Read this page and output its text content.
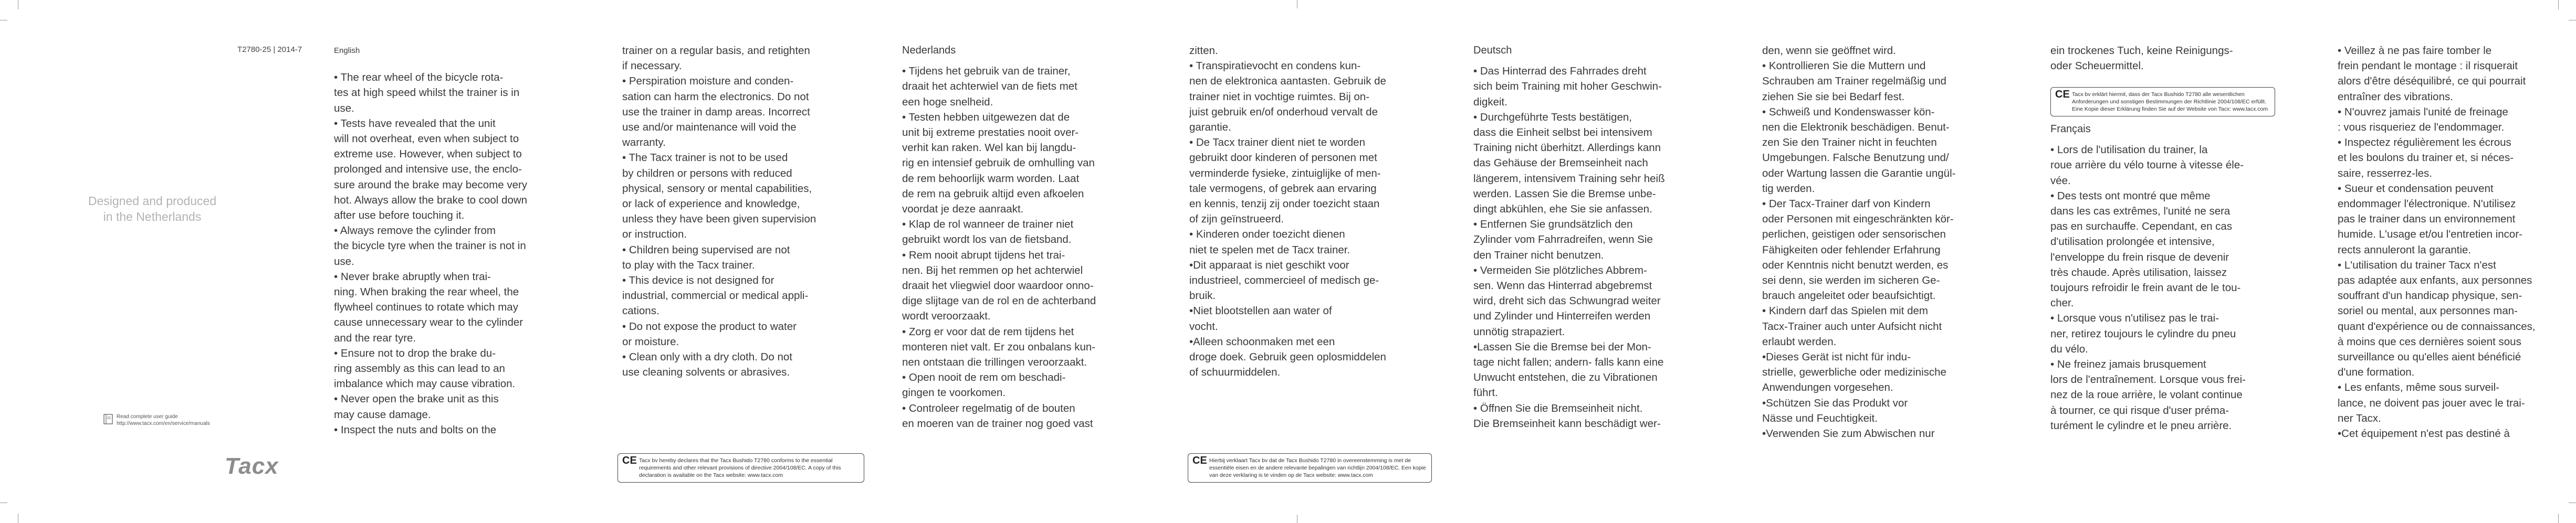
T2780-25 | 2014-7
Designed and produced
in the Netherlands
Read complete user guide
http://www.tacx.com/en/service/manuals
Tacx

English

• The rear wheel of the bicycle rota-

tes at high speed whilst the trainer is in

use.

• Tests have revealed that the unit

will not overheat, even when subject to

extreme use. However, when subject to

prolonged and intensive use, the enclo-

sure around the brake may become very

hot. Always allow the brake to cool down

after use before touching it.

• Always remove the cylinder from

the bicycle tyre when the trainer is not in

use.

• Never brake abruptly when trai-

ning. When braking the rear wheel, the

flywheel continues to rotate which may

cause unnecessary wear to the cylinder

and the rear tyre.

• Ensure not to drop the brake du-

ring assembly as this can lead to an

imbalance which may cause vibration.

• Never open the brake unit as this

may cause damage.

• Inspect the nuts and bolts on the

trainer on a regular basis, and retighten

if necessary.

• Perspiration moisture and conden-

sation can harm the electronics. Do not

use the trainer in damp areas. Incorrect

use and/or maintenance will void the

warranty.

• The Tacx trainer is not to be used

by children or persons with reduced

physical, sensory or mental capabilities,

or lack of experience and knowledge,

unless they have been given supervision

or instruction.

• Children being supervised are not

to play with the Tacx trainer.

• This device is not designed for

industrial, commercial or medical appli-

cations.

• Do not expose the product to water

or moisture.

• Clean only with a dry cloth. Do not

use cleaning solvents or abrasives.

CE Tacx bv hereby declares that the Tacx Bushido T2780 conforms to the essential requirements and other relevant provisions of directive 2004/108/EC. A copy of this declaration is available on the Tacx website: www.tacx.com

Nederlands

• Tijdens het gebruik van de trainer,

draait het achterwiel van de fiets met

een hoge snelheid.

• Testen hebben uitgewezen dat de

unit bij extreme prestaties nooit over-

verhit kan raken. Wel kan bij langdu-

rig en intensief gebruik de omhulling van

de rem behoorlijk warm worden. Laat

de rem na gebruik altijd even afkoelen

voordat je deze aanraakt.

• Klap de rol wanneer de trainer niet

gebruikt wordt los van de fietsband.

• Rem nooit abrupt tijdens het trai-

nen. Bij het remmen op het achterwiel

draait het vliegwiel door waardoor onno-

dige slijtage van de rol en de achterband

wordt veroorzaakt.

• Zorg er voor dat de rem tijdens het

monteren niet valt. Er zou onbalans kun-

nen ontstaan die trillingen veroorzaakt.

• Open nooit de rem om beschadi-

gingen te voorkomen.

• Controleer regelmatig of de bouten

en moeren van de trainer nog goed vast

zitten.

• Transpiratievocht en condens kun-

nen de elektronica aantasten. Gebruik de

trainer niet in vochtige ruimtes. Bij on-

juist gebruik en/of onderhoud vervalt de

garantie.

• De Tacx trainer dient niet te worden

gebruikt door kinderen of personen met

verminderde fysieke, zintuiglijke of men-

tale vermogens, of gebrek aan ervaring

en kennis, tenzij zij onder toezicht staan

of zijn geïnstrueerd.

• Kinderen onder toezicht dienen

niet te spelen met de Tacx trainer.

•Dit apparaat is niet geschikt voor

industrieel, commercieel of medisch ge-

bruik.

•Niet blootstellen aan water of

vocht.

•Alleen schoonmaken met een

droge doek. Gebruik geen oplosmiddelen

of schuurmiddelen.

CE Hierbij verklaart Tacx bv dat de Tacx Bushido T2780 in overeenstemming is met de essentiële eisen en de andere relevante bepalingen van richtlijn 2004/108/EC. Een kopie van deze verklaring is te vinden op de Tacx website: www.tacx.com

Deutsch

• Das Hinterrad des Fahrrades dreht

sich beim Training mit hoher Geschwin-

digkeit.

• Durchgeführte Tests bestätigen,

dass die Einheit selbst bei intensivem

Training nicht überhitzt. Allerdings kann

das Gehäuse der Bremseinheit nach

längerem, intensivem Training sehr heiß

werden. Lassen Sie die Bremse unbe-

dingt abkühlen, ehe Sie sie anfassen.

• Entfernen Sie grundsätzlich den

Zylinder vom Fahrradreifen, wenn Sie

den Trainer nicht benutzen.

• Vermeiden Sie plötzliches Abbrem-

sen. Wenn das Hinterrad abgebremst

wird, dreht sich das Schwungrad weiter

und Zylinder und Hinterreifen werden

unnötig strapaziert.

•Lassen Sie die Bremse bei der Mon-

tage nicht fallen; andern- falls kann eine

Unwucht entstehen, die zu Vibrationen

führt.

• Öffnen Sie die Bremseinheit nicht.

Die Bremseinheit kann beschädigt wer-

den, wenn sie geöffnet wird.

• Kontrollieren Sie die Muttern und

Schrauben am Trainer regelmäßig und

ziehen Sie sie bei Bedarf fest.

• Schweiß und Kondenswasser kön-

nen die Elektronik beschädigen. Benut-

zen Sie den Trainer nicht in feuchten

Umgebungen. Falsche Benutzung und/

oder Wartung lassen die Garantie ungül-

tig werden.

• Der Tacx-Trainer darf von Kindern

oder Personen mit eingeschränkten kör-

perlichen, geistigen oder sensorischen

Fähigkeiten oder fehlender Erfahrung

oder Kenntnis nicht benutzt werden, es

sei denn, sie werden im sicheren Ge-

brauch angeleitet oder beaufsichtigt.

• Kindern darf das Spielen mit dem

Tacx-Trainer auch unter Aufsicht nicht

erlaubt werden.

•Dieses Gerät ist nicht für indu-

strielle, gewerbliche oder medizinische

Anwendungen vorgesehen.

•Schützen Sie das Produkt vor

Nässe und Feuchtigkeit.

•Verwenden Sie zum Abwischen nur

ein trockenes Tuch, keine Reinigungs-

oder Scheuermittel.

CE Tacx bv erklärt hiermit, dass der Tacx Bushido T2780 alle wesentlichen Anforderungen und sonstigen Bestimmungen der Richtlinie 2004/108/EC erfüllt. Eine Kopie dieser Erklärung finden Sie auf der Website von Tacx: www.tacx.com

Français

• Lors de l'utilisation du trainer, la

roue arrière du vélo tourne à vitesse éle-

vée.

• Des tests ont montré que même

dans les cas extrêmes, l'unité ne sera

pas en surchauffe. Cependant, en cas

d'utilisation prolongée et intensive,

l'enveloppe du frein risque de devenir

très chaude. Après utilisation, laissez

toujours refroidir le frein avant de le tou-

cher.

• Lorsque vous n'utilisez pas le trai-

ner, retirez toujours le cylindre du pneu

du vélo.

• Ne freinez jamais brusquement

lors de l'entraînement. Lorsque vous frei-

nez de la roue arrière, le volant continue

à tourner, ce qui risque d'user préma-

turément le cylindre et le pneu arrière.

• Veillez à ne pas faire tomber le

frein pendant le montage : il risquerait

alors d'être déséquilibré, ce qui pourrait

entraîner des vibrations.

• N'ouvrez jamais l'unité de freinage

: vous risqueriez de l'endommager.

• Inspectez régulièrement les écrous

et les boulons du trainer et, si néces-

saire, resserrez-les.

• Sueur et condensation peuvent

endommager l'électronique. N'utilisez

pas le trainer dans un environnement

humide. L'usage et/ou l'entretien incor-

rects annuleront la garantie.

• L'utilisation du trainer Tacx n'est

pas adaptée aux enfants, aux personnes

souffrant d'un handicap physique, sen-

soriel ou mental, aux personnes man-

quant d'expérience ou de connaissances,

à moins que ces dernières soient sous

surveillance ou qu'elles aient bénéficié

d'une formation.

• Les enfants, même sous surveil-

lance, ne doivent pas jouer avec le trai-

ner Tacx.

•Cet équipement n'est pas destiné à
